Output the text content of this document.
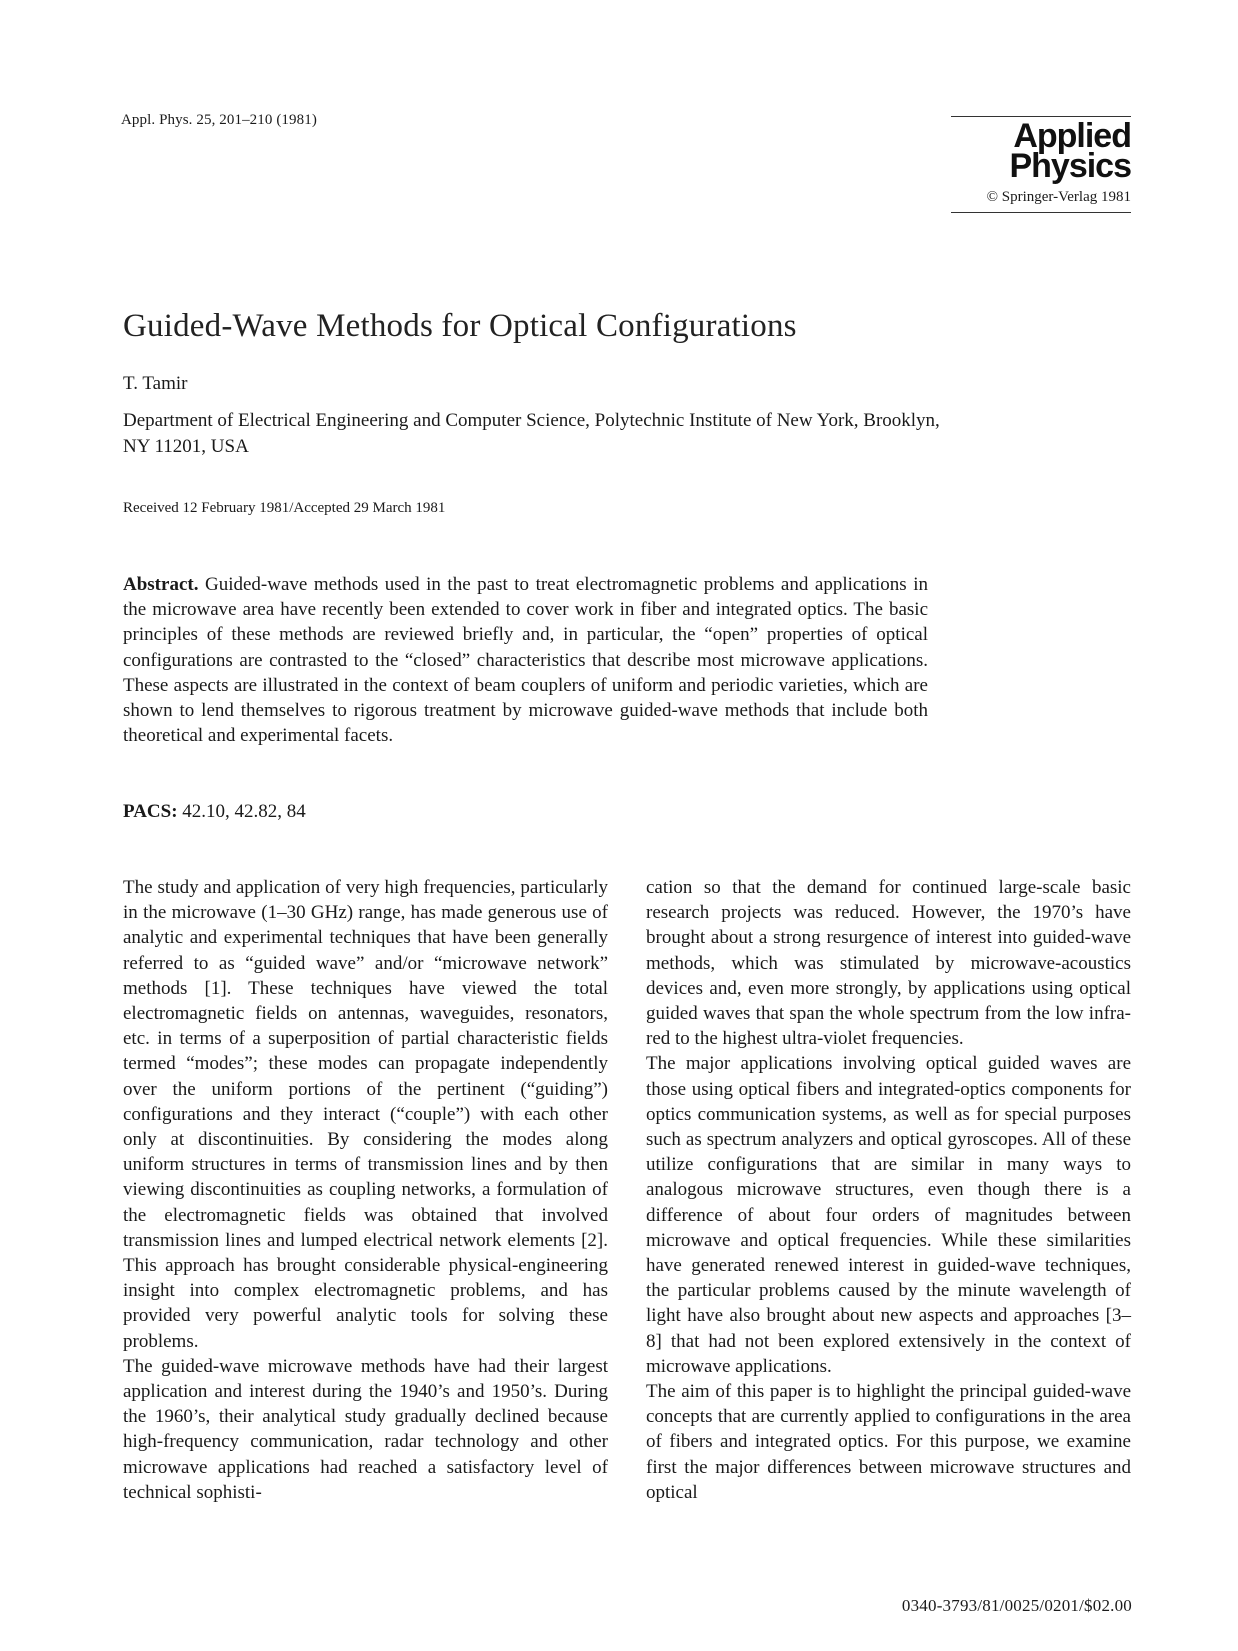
Appl. Phys. 25, 201–210 (1981)	Applied
Physics
© Springer-Verlag 1981
Guided-Wave Methods for Optical Configurations
T. Tamir
Department of Electrical Engineering and Computer Science, Polytechnic Institute of New York, Brooklyn, NY 11201, USA
Received 12 February 1981/Accepted 29 March 1981
Abstract. Guided-wave methods used in the past to treat electromagnetic problems and applications in the microwave area have recently been extended to cover work in fiber and integrated optics. The basic principles of these methods are reviewed briefly and, in particular, the “open” properties of optical configurations are contrasted to the “closed” characteristics that describe most microwave applications. These aspects are illustrated in the context of beam couplers of uniform and periodic varieties, which are shown to lend themselves to rigorous treatment by microwave guided-wave methods that include both theoretical and experimental facets.
PACS: 42.10, 42.82, 84

The study and application of very high frequencies, particularly in the microwave (1–30 GHz) range, has made generous use of analytic and experimental techniques that have been generally referred to as “guided wave” and/or “microwave network” methods [1]. These techniques have viewed the total electromagnetic fields on antennas, waveguides, resonators, etc. in terms of a superposition of partial characteristic fields termed “modes”; these modes can propagate independently over the uniform portions of the pertinent (“guiding”) configurations and they interact (“couple”) with each other only at discontinuities. By considering the modes along uniform structures in terms of transmission lines and by then viewing discontinuities as coupling networks, a formulation of the electromagnetic fields was obtained that involved transmission lines and lumped electrical network elements [2]. This approach has brought considerable physical-engineering insight into complex electromagnetic problems, and has provided very powerful analytic tools for solving these problems.

The guided-wave microwave methods have had their largest application and interest during the 1940’s and 1950’s. During the 1960’s, their analytical study gradually declined because high-frequency communication, radar technology and other microwave applications had reached a satisfactory level of technical sophisti-

cation so that the demand for continued large-scale basic research projects was reduced. However, the 1970’s have brought about a strong resurgence of interest into guided-wave methods, which was stimulated by microwave-acoustics devices and, even more strongly, by applications using optical guided waves that span the whole spectrum from the low infra-red to the highest ultra-violet frequencies.

The major applications involving optical guided waves are those using optical fibers and integrated-optics components for optics communication systems, as well as for special purposes such as spectrum analyzers and optical gyroscopes. All of these utilize configurations that are similar in many ways to analogous microwave structures, even though there is a difference of about four orders of magnitudes between microwave and optical frequencies. While these similarities have generated renewed interest in guided-wave techniques, the particular problems caused by the minute wavelength of light have also brought about new aspects and approaches [3–8] that had not been explored extensively in the context of microwave applications.

The aim of this paper is to highlight the principal guided-wave concepts that are currently applied to configurations in the area of fibers and integrated optics. For this purpose, we examine first the major differences between microwave structures and optical

0340-3793/81/0025/0201/$02.00
